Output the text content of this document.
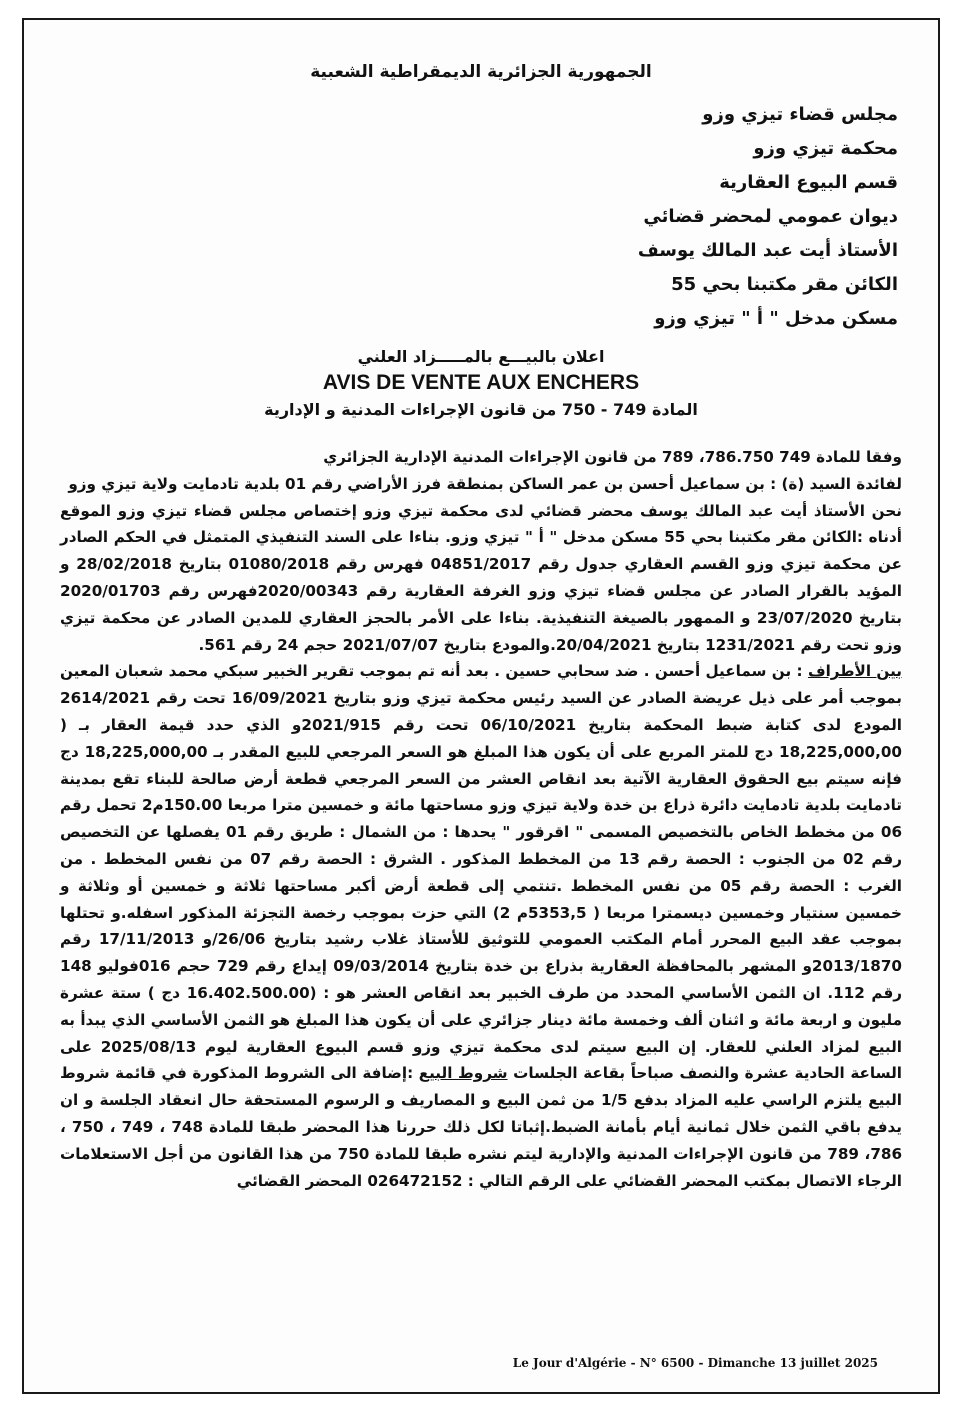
الجمهورية الجزائرية الديمقراطية الشعبية
مجلس قضاء تيزي وزو
محكمة تيزي وزو
قسم البيوع العقارية
ديوان عمومي لمحضر قضائي
الأستاذ أيت عبد المالك يوسف
الكائن مقر مكتبنا بحي 55
مسكن مدخل " أ " تيزي وزو
اعلان بالبيـــع بالمـــــزاد العلني
AVIS DE VENTE AUX ENCHERS
المادة 749 - 750 من قانون الإجراءات المدنية و الإدارية

وفقا للمادة 749 786.750، 789 من قانون الإجراءات المدنية الإدارية الجزائري

لفائدة السيد (ة) : بن سماعيل أحسن بن عمر الساكن بمنطقة فرز الأراضي رقم 01 بلدية تادمايت ولاية تيزي وزو

نحن الأستاذ أيت عبد المالك يوسف محضر قضائي لدى محكمة تيزي وزو إختصاص مجلس قضاء تيزي وزو الموقع أدناه :الكائن مقر مكتبنا بحي 55 مسكن مدخل " أ " تيزي وزو. بناءا على السند التنفيذي المتمثل في الحكم الصادر عن محكمة تيزي وزو القسم العقاري جدول رقم 04851/2017 فهرس رقم 01080/2018 بتاريخ 28/02/2018 و المؤيد بالقرار الصادر عن مجلس قضاء تيزي وزو الغرفة العقارية رقم 2020/00343فهرس رقم 2020/01703 بتاريخ 23/07/2020 و الممهور بالصيغة التنفيذية. بناءا على الأمر بالحجز العقاري للمدين الصادر عن محكمة تيزي وزو تحت رقم 1231/2021 بتاريخ 20/04/2021.والمودع بتاريخ 2021/07/07 حجم 24 رقم 561.

بين الأطراف : بن سماعيل أحسن . ضد سحابي حسين . بعد أنه تم بموجب تقرير الخبير سبكي محمد شعبان المعين بموجب أمر على ذيل عريضة الصادر عن السيد رئيس محكمة تيزي وزو بتاريخ 16/09/2021 تحت رقم 2614/2021 المودع لدى كتابة ضبط المحكمة بتاريخ 06/10/2021 تحت رقم 2021/915و الذي حدد قيمة العقار بـ ( 18,225,000,00 دج للمتر المربع على أن يكون هذا المبلغ هو السعر المرجعي للبيع المقدر بـ 18,225,000,00 دج فإنه سيتم بيع الحقوق العقارية الآتية بعد انقاص العشر من السعر المرجعي قطعة أرض صالحة للبناء تقع بمدينة تادمايت بلدية تادمايت دائرة ذراع بن خدة ولاية تيزي وزو مساحتها مائة و خمسين مترا مربعا 150.00م2 تحمل رقم 06 من مخطط الخاص بالتخصيص المسمى " اقرقور " يحدها : من الشمال : طريق رقم 01 يفصلها عن التخصيص رقم 02 من الجنوب : الحصة رقم 13 من المخطط المذكور . الشرق : الحصة رقم 07 من نفس المخطط . من الغرب : الحصة رقم 05 من نفس المخطط .تنتمي إلى قطعة أرض أكبر مساحتها ثلاثة و خمسين أو وثلاثة و خمسين سنتيار وخمسين ديسمترا مربعا ( 5353,5م 2) التي حزت بموجب رخصة التجزئة المذكور اسفله.و تحتلها بموجب عقد البيع المحرر أمام المكتب العمومي للتوثيق للأستاذ غلاب رشيد بتاريخ 26/06/و 17/11/2013 رقم 2013/1870و المشهر بالمحافظة العقارية بذراع بن خدة بتاريخ 09/03/2014 إيداع رقم 729 حجم 016فوليو 148 رقم 112. ان الثمن الأساسي المحدد من طرف الخبير بعد انقاص العشر هو : (16.402.500.00 دج ) ستة عشرة مليون و اربعة مائة و اثنان ألف وخمسة مائة دينار جزائري على أن يكون هذا المبلغ هو الثمن الأساسي الذي يبدأ به البيع لمزاد العلني للعقار. إن البيع سيتم لدى محكمة تيزي وزو قسم البيوع العقارية ليوم 2025/08/13 على الساعة الحادية عشرة والنصف صباحاً بقاعة الجلسات شروط البيع :إضافة الى الشروط المذكورة في قائمة شروط البيع يلتزم الراسي عليه المزاد بدفع 1/5 من ثمن البيع و المصاريف و الرسوم المستحقة حال انعقاد الجلسة و ان يدفع باقي الثمن خلال ثمانية أيام بأمانة الضبط.إثباتا لكل ذلك حررنا هذا المحضر طبقا للمادة 748 ، 749 ، 750 ، 786، 789 من قانون الإجراءات المدنية والإدارية ليتم نشره طبقا للمادة 750 من هذا القانون من أجل الاستعلامات الرجاء الاتصال بمكتب المحضر القضائي على الرقم التالي : 026472152 المحضر القضائي

Le Jour d'Algérie - N° 6500 - Dimanche 13 juillet 2025
